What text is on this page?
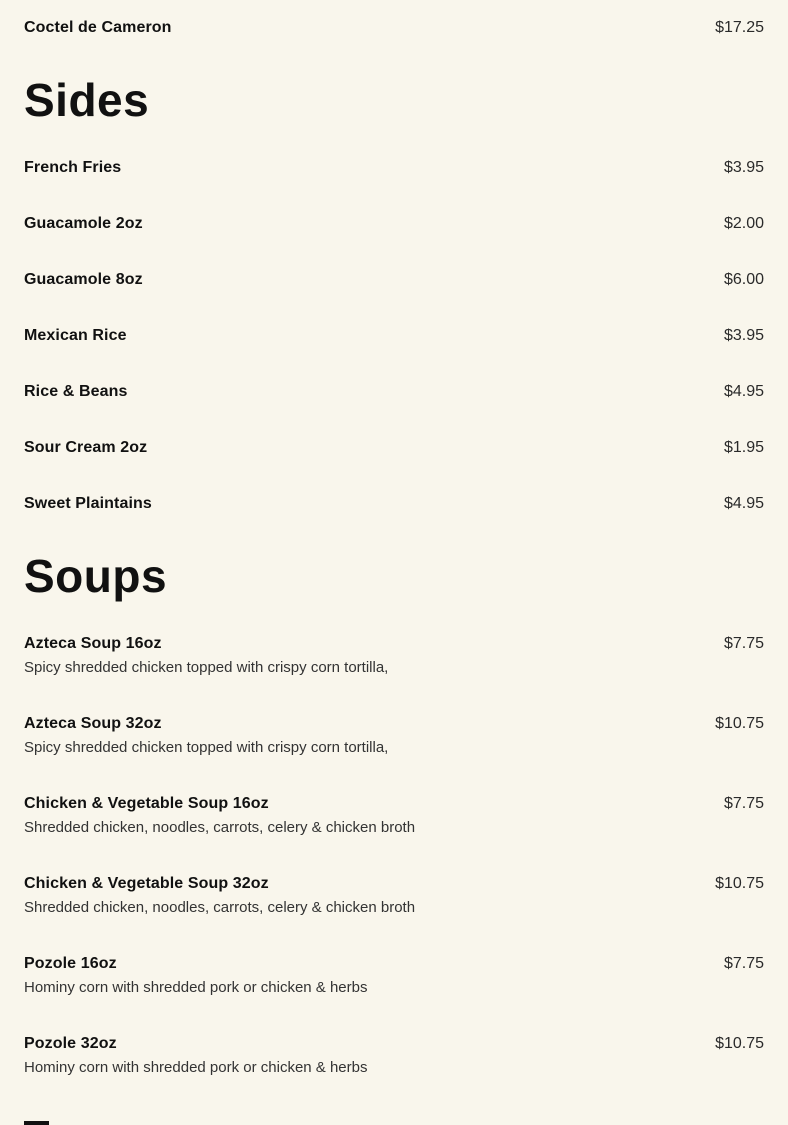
Coctel de Cameron	$17.25
Sides
French Fries	$3.95
Guacamole 2oz	$2.00
Guacamole 8oz	$6.00
Mexican Rice	$3.95
Rice & Beans	$4.95
Sour Cream 2oz	$1.95
Sweet Plaintains	$4.95
Soups
Azteca Soup 16oz	$7.75
Spicy shredded chicken topped with crispy corn tortilla,
Azteca Soup 32oz	$10.75
Spicy shredded chicken topped with crispy corn tortilla,
Chicken & Vegetable Soup 16oz	$7.75
Shredded chicken, noodles, carrots, celery & chicken broth
Chicken & Vegetable Soup 32oz	$10.75
Shredded chicken, noodles, carrots, celery & chicken broth
Pozole 16oz	$7.75
Hominy corn with shredded pork or chicken & herbs
Pozole 32oz	$10.75
Hominy corn with shredded pork or chicken & herbs
